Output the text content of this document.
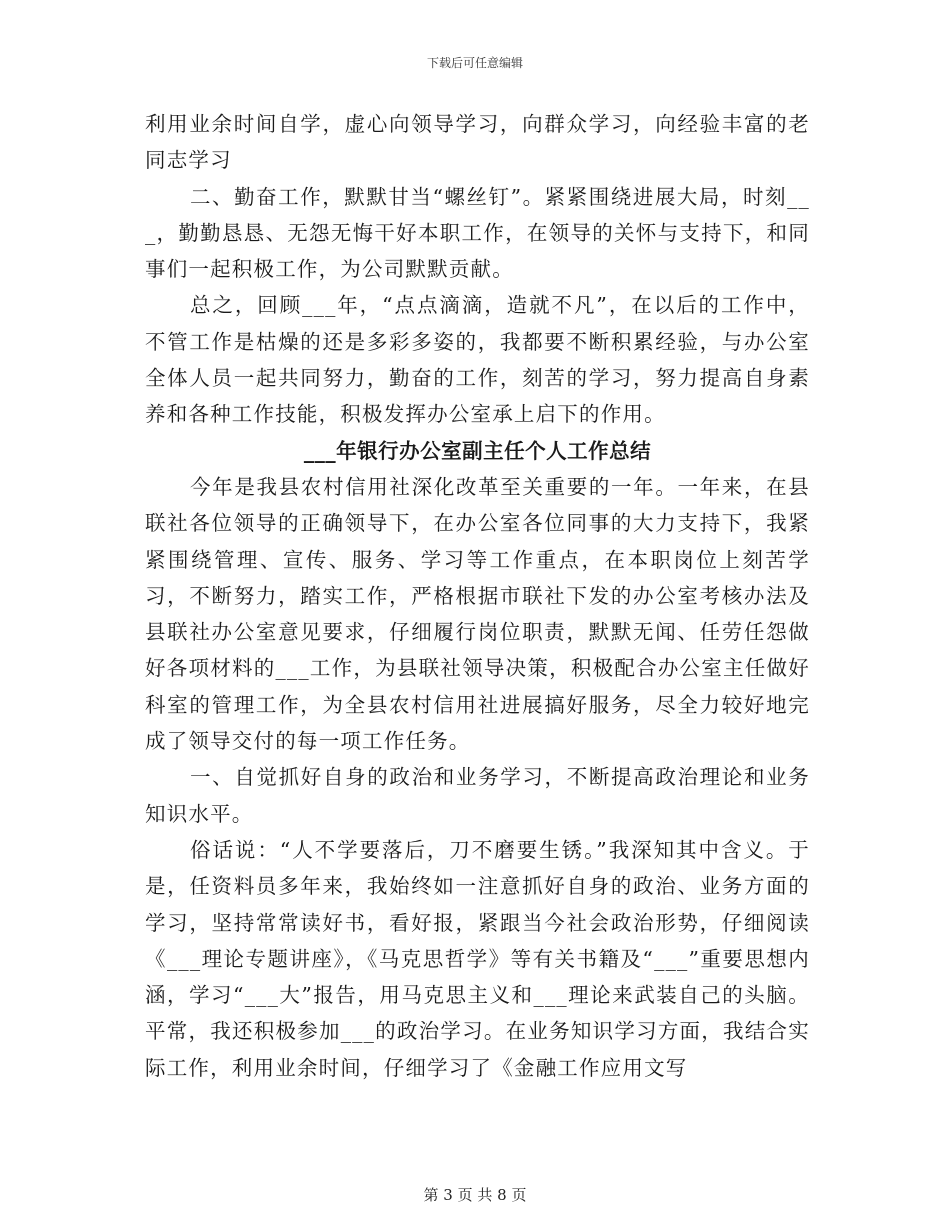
下载后可任意编辑

利用业余时间自学，虚心向领导学习，向群众学习，向经验丰富的老同志学习

二、勤奋工作，默默甘当“螺丝钉”。紧紧围绕进展大局，时刻___，勤勤恳恳、无怨无悔干好本职工作，在领导的关怀与支持下，和同事们一起积极工作，为公司默默贡献。

总之，回顾___年，“点点滴滴，造就不凡”，在以后的工作中，不管工作是枯燥的还是多彩多姿的，我都要不断积累经验，与办公室全体人员一起共同努力，勤奋的工作，刻苦的学习，努力提高自身素养和各种工作技能，积极发挥办公室承上启下的作用。

___年银行办公室副主任个人工作总结

今年是我县农村信用社深化改革至关重要的一年。一年来，在县联社各位领导的正确领导下，在办公室各位同事的大力支持下，我紧紧围绕管理、宣传、服务、学习等工作重点，在本职岗位上刻苦学习，不断努力，踏实工作，严格根据市联社下发的办公室考核办法及县联社办公室意见要求，仔细履行岗位职责，默默无闻、任劳任怨做好各项材料的___工作，为县联社领导决策，积极配合办公室主任做好科室的管理工作，为全县农村信用社进展搞好服务，尽全力较好地完成了领导交付的每一项工作任务。

一、自觉抓好自身的政治和业务学习，不断提高政治理论和业务知识水平。

俗话说：“人不学要落后，刀不磨要生锈。”我深知其中含义。于是，任资料员多年来，我始终如一注意抓好自身的政治、业务方面的学习，坚持常常读好书，看好报，紧跟当今社会政治形势，仔细阅读《___理论专题讲座》，《马克思哲学》等有关书籍及“___”重要思想内涵，学习“___大”报告，用马克思主义和___理论来武装自己的头脑。平常，我还积极参加___的政治学习。在业务知识学习方面，我结合实际工作，利用业余时间，仔细学习了《金融工作应用文写

第 3 页 共 8 页
